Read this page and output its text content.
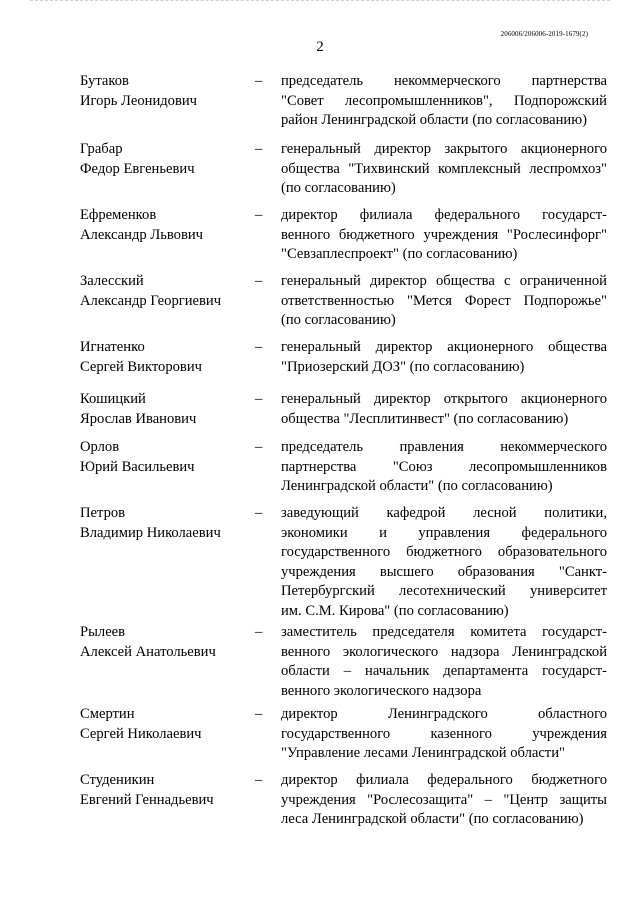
206006/206006-2019-1679(2)
2
Бутаков
Игорь Леонидович
–	председатель некоммерческого партнерства
"Совет лесопромышленников", Подпорожский
район Ленинградской области (по согласованию)
Грабар
Федор Евгеньевич
–	генеральный директор закрытого акционерного
общества "Тихвинский комплексный леспромхоз"
(по согласованию)
Ефременков
Александр Львович
–	директор филиала федерального государст-
венного бюджетного учреждения "Рослесинфорг"
"Севзаплеспроект" (по согласованию)
Залесский
Александр Георгиевич
–	генеральный директор общества с ограниченной
ответственностью "Мется Форест Подпорожье"
(по согласованию)
Игнатенко
Сергей Викторович
–	генеральный директор акционерного общества
"Приозерский ДОЗ" (по согласованию)
Кошицкий
Ярослав Иванович
–	генеральный директор открытого акционерного
общества "Лесплитинвест" (по согласованию)
Орлов
Юрий Васильевич
–	председатель правления некоммерческого
партнерства "Союз лесопромышленников
Ленинградской области" (по согласованию)
Петров
Владимир Николаевич
–	заведующий кафедрой лесной политики,
экономики и управления федерального
государственного бюджетного образовательного
учреждения высшего образования "Санкт-
Петербургский лесотехнический университет
им. С.М. Кирова" (по согласованию)
Рылеев
Алексей Анатольевич
–	заместитель председателя комитета государст-
венного экологического надзора Ленинградской
области – начальник департамента государст-
венного экологического надзора
Смертин
Сергей Николаевич
–	директор Ленинградского областного
государственного казенного учреждения
"Управление лесами Ленинградской области"
Студеникин
Евгений Геннадьевич
–	директор филиала федерального бюджетного
учреждения "Рослесозащита" – "Центр защиты
леса Ленинградской области" (по согласованию)
